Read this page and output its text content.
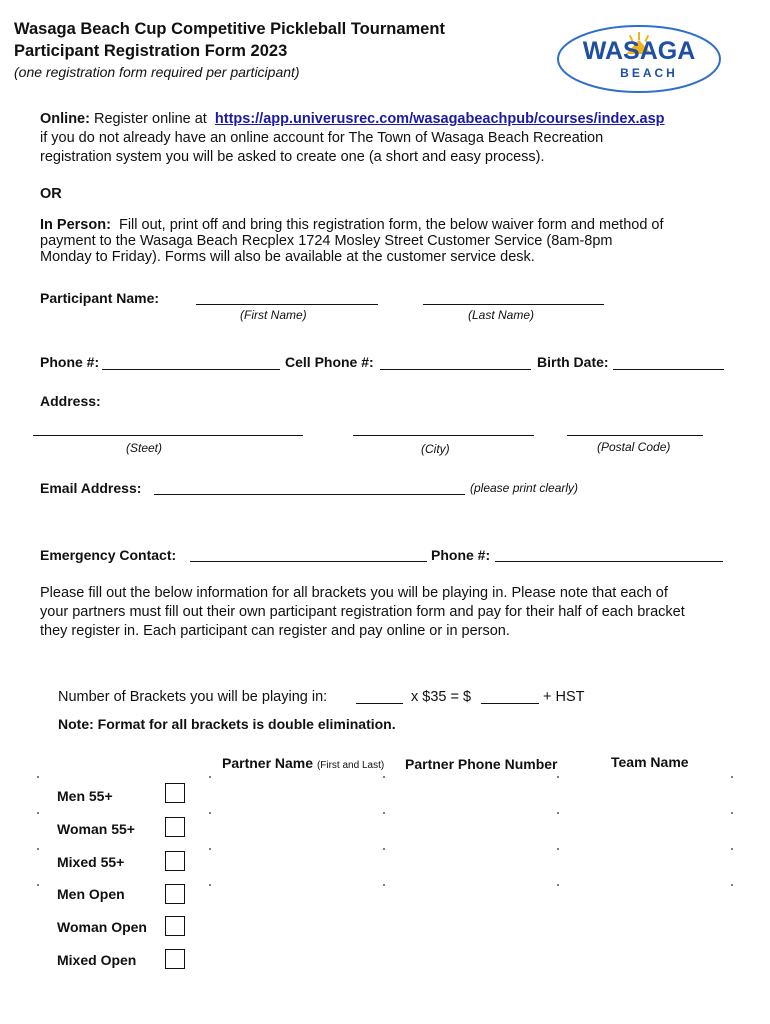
Wasaga Beach Cup Competitive Pickleball Tournament
Participant Registration Form 2023
(one registration form required per participant)
WASAGA
BEACH
Online: Register online at  https://app.univerusrec.com/wasagabeachpub/courses/index.asp
if you do not already have an online account for The Town of Wasaga Beach Recreation
registration system you will be asked to create one (a short and easy process).
OR
In Person:  Fill out, print off and bring this registration form, the below waiver form and method of
payment to the Wasaga Beach Recplex 1724 Mosley Street Customer Service (8am-8pm
Monday to Friday). Forms will also be available at the customer service desk.
Participant Name:
(First Name)	(Last Name)
Phone #:	Cell Phone #:	Birth Date:
Address:
(Steet)	(City)	(Postal Code)
Email Address:	(please print clearly)
Emergency Contact:	Phone #:
Please fill out the below information for all brackets you will be playing in. Please note that each of
your partners must fill out their own participant registration form and pay for their half of each bracket
they register in. Each participant can register and pay online or in person.
Number of Brackets you will be playing in:	x $35 = $	+ HST
Note: Format for all brackets is double elimination.
Partner Name (First and Last) Partner Phone Number	Team Name
Men 55+
Woman 55+
Mixed 55+
Men Open
Woman Open
Mixed Open
